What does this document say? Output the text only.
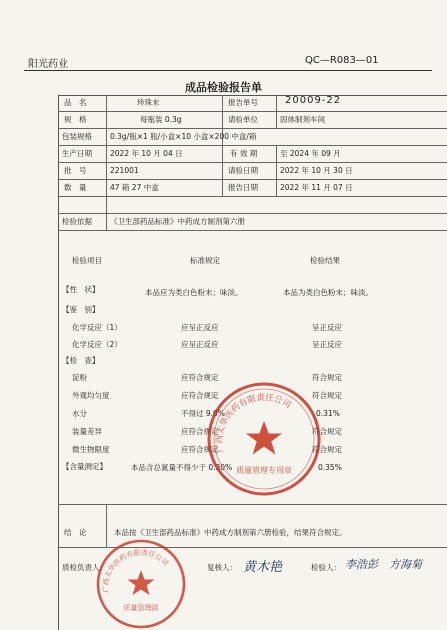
阳光药业	QC—R083—01
成品检验报告单
品　名	珍珠末	报告单号	20009-22
规　格	每瓶装 0.3g	请验单位	固体制剂车间
包装规格 0.3g/瓶×1 瓶/小盒×10 小盒×200 中盒/箱
生产日期 2022 年 10 月 04 日	有 效 期	至 2024 年 09 月
批　号	221001	请验日期	2022 年 10 月 30 日
数　量	47 箱 27 中盒	报告日期	2022 年 11 月 07 日
检验依据 《卫生部药品标准》中药成方制剂第六册
检验项目	标准规定	检验结果
【性　状】	本品应为类白色粉末；味淡。	本品为类白色粉末；味淡。
【鉴　别】
化学反应（1）	应呈正反应	呈正反应
化学反应（2）	应呈正反应	呈正反应
【检　查】
淀粉	应符合规定	符合规定
外观均匀度	应符合规定	符合规定
水分	不得过 9.0%	0.31%
装量差异	应符合规定	符合规定
微生物限度	应符合规定	符合规定
【含量测定】	本品含总氮量不得少于 0.30%	0.35%
结　论	本品按《卫生部药品标准》中药成方制剂第六册检验，结果符合规定。
质检负责人：	复核人： 黄木艳	检验人： 李浩彭　方海菊
质量管理专用章
广西太华医药有限责任公司
质量管理部
广西太华医药有限责任公司
